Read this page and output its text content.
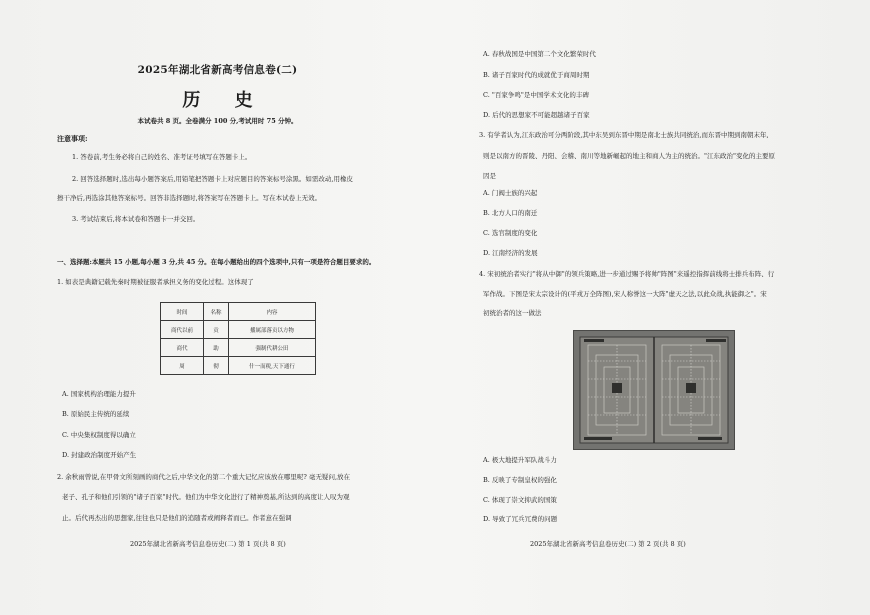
2025年湖北省新高考信息卷(二)
历 史
本试卷共 8 页。全卷满分 100 分,考试用时 75 分钟。
注意事项:
1. 答卷前,考生务必将自己的姓名、准考证号填写在答题卡上。
2. 回答选择题时,选出每小题答案后,用铅笔把答题卡上对应题目的答案标号涂黑。如需改动,用橡皮
擦干净后,再选涂其他答案标号。回答非选择题时,将答案写在答题卡上。写在本试卷上无效。
3. 考试结束后,将本试卷和答题卡一并交回。
一、选择题:本题共 15 小题,每小题 3 分,共 45 分。在每小题给出的四个选项中,只有一项是符合题目要求的。
1. 如表是典籍记载先秦时期被征服者承担义务的变化过程。这体现了
时间	名称	内容
商代以前	贡	播属部落贡以方物
商代	助	强制代耕公田
周	彻	什一而税,天下通行
A. 国家机构治理能力提升
B. 原始民主传统的延续
C. 中央集权制度得以确立
D. 封建政治制度开始产生
2. 余秋雨曾说,在甲骨文所刻画的商代之后,中华文化的第二个重大记忆应该放在哪里呢? 毫无疑问,放在
老子、孔子和他们引领的"诸子百家"时代。他们为中华文化进行了精神奠基,所达到的高度让人叹为观
止。后代再杰出的思想家,往往也只是他们的追随者或阐释者而已。作者意在强调
2025年湖北省新高考信息卷历史(二) 第 1 页(共 8 页)
A. 春秋战国是中国第二个文化繁荣时代
B. 诸子百家时代的成就优于商周时期
C. "百家争鸣"是中国学术文化的丰碑
D. 后代的思想家不可能超越诸子百家
3. 有学者认为,江东政治可分两阶段,其中东吴到东晋中期是南北士族共同统治,而东晋中期到南朝末年,
则是以南方的晋陵、丹阳、会稽、南川等地新崛起的地主和商人为主的统治。"江东政治"变化的主要原
因是
A. 门阀士族的兴起
B. 北方人口的南迁
C. 选官制度的变化
D. 江南经济的发展
4. 宋初统治者实行"将从中御"的领兵策略,进一步通过赐予将帅"阵图"来遥控指挥前线将士排兵布阵、行
军作战。下图是宋太宗设计的(平戎万全阵图),宋人称誉这一大阵"虚天之法,以此众战,执能御之"。宋
初统治者的这一做法
A. 极大地提升军队战斗力
B. 反映了专制皇权的强化
C. 体现了崇文抑武的国策
D. 导致了冗兵冗费的问题
2025年湖北省新高考信息卷历史(二) 第 2 页(共 8 页)
